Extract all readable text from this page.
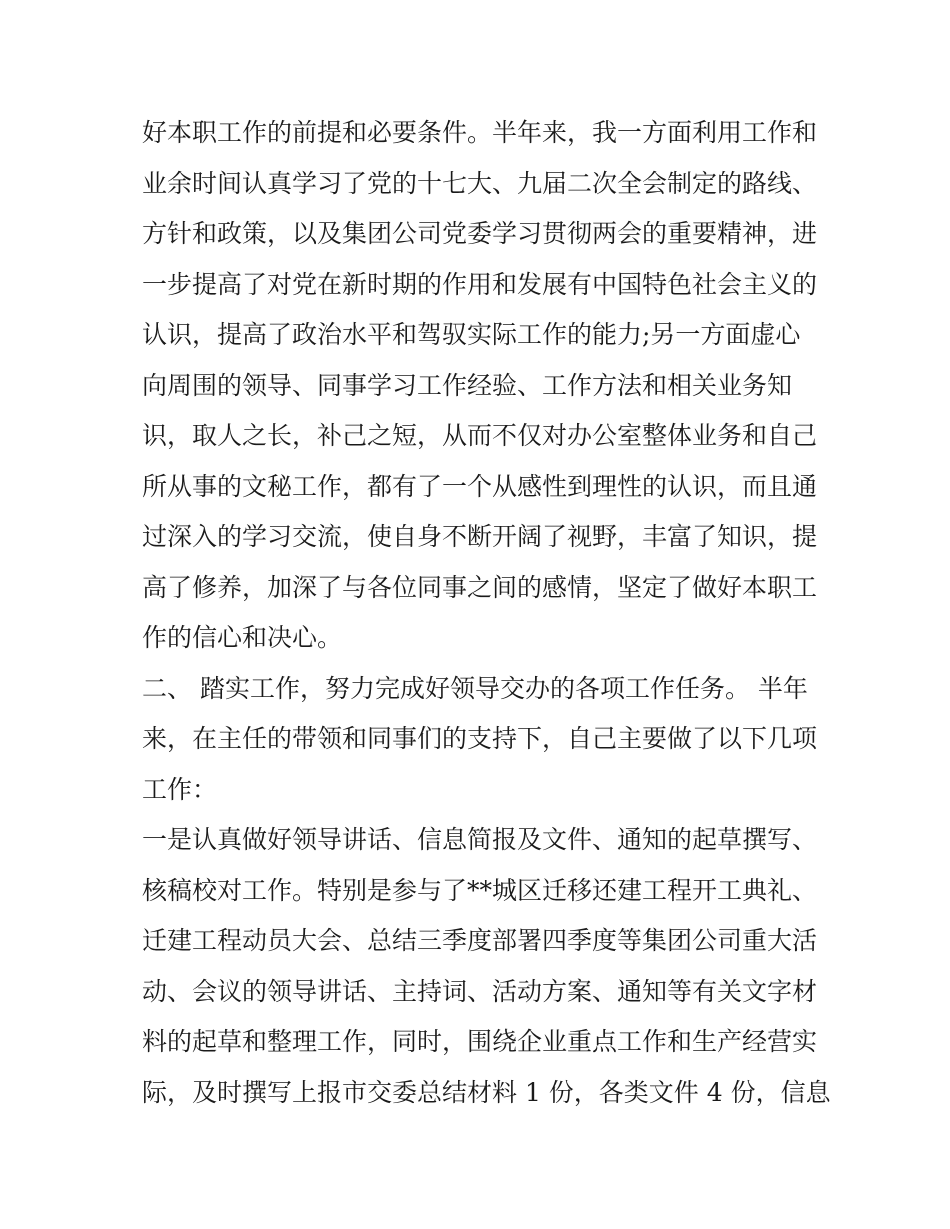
好本职工作的前提和必要条件。半年来，我一方面利用工作和
业余时间认真学习了党的十七大、九届二次全会制定的路线、
方针和政策，以及集团公司党委学习贯彻两会的重要精神，进
一步提高了对党在新时期的作用和发展有中国特色社会主义的
认识，提高了政治水平和驾驭实际工作的能力;另一方面虚心
向周围的领导、同事学习工作经验、工作方法和相关业务知
识，取人之长，补己之短，从而不仅对办公室整体业务和自己
所从事的文秘工作，都有了一个从感性到理性的认识，而且通
过深入的学习交流，使自身不断开阔了视野，丰富了知识，提
高了修养，加深了与各位同事之间的感情，坚定了做好本职工
作的信心和决心。
二、 踏实工作，努力完成好领导交办的各项工作任务。 半年
来，在主任的带领和同事们的支持下，自己主要做了以下几项
工作：
一是认真做好领导讲话、信息简报及文件、通知的起草撰写、
核稿校对工作。特别是参与了**城区迁移还建工程开工典礼、
迁建工程动员大会、总结三季度部署四季度等集团公司重大活
动、会议的领导讲话、主持词、活动方案、通知等有关文字材
料的起草和整理工作，同时，围绕企业重点工作和生产经营实
际，及时撰写上报市交委总结材料 1 份，各类文件 4 份，信息
